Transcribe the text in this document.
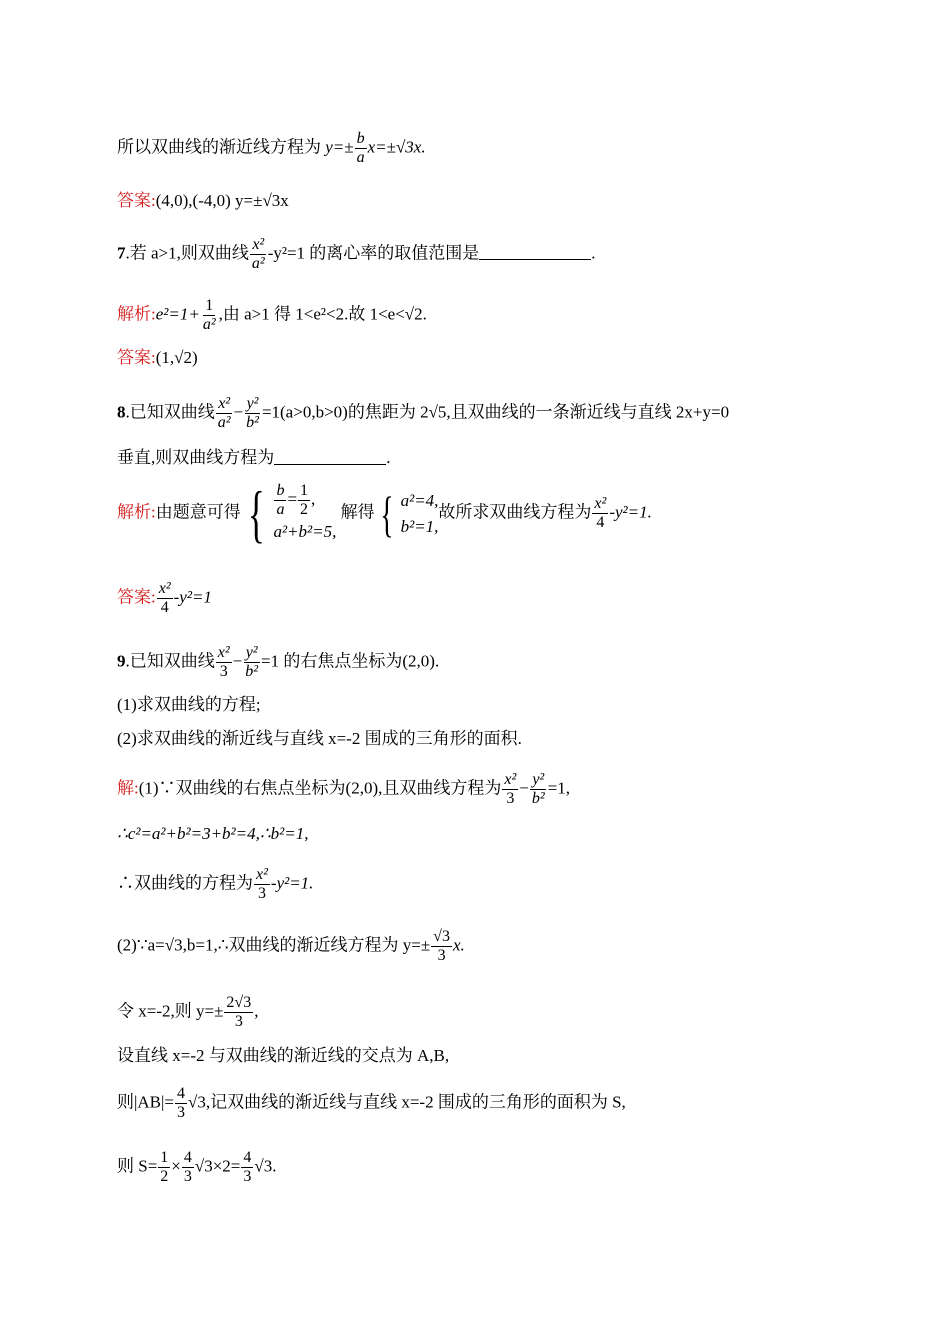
所以双曲线的渐近线方程为 $y=\pm \frac{b}{a} x=\pm√3x$.
答案:(4,0),(-4,0) y=±√3x
7.若 a>1,则双曲线 $\frac{\text{x²}}{\text{a²}} -y^2=1$ 的离心率的取值范围是	.
解析:e²=1+ $\frac{1}{\text{a²}}$ ,由 a>1 得 1<e²<2.故 1<e<√2.
答案:(1,√2)
8.已知双曲线 $\frac{\text{x²}}{\text{a²}} - \frac{\text{y²}}{\text{b²}} =1(a>0,b>0)$的焦距为 2√5,且双曲线的一条渐近线与直线 2x+y=0
垂直,则双曲线方程为	.
解析:由题意可得 { $\frac{b}{a} = \frac{1}{2}$ ,
a²+b²=5,
解得 { a²=4,
b²=1,
故所求双曲线方程为 $\frac{\text{x²}}{4} -y^2=1$.
答案: $\frac{\text{x²}}{4} -y^2=1$
9.已知双曲线 $\frac{\text{x²}}{3} - \frac{\text{y²}}{\text{b²}} =1$ 的右焦点坐标为(2,0).
(1)求双曲线的方程;
(2)求双曲线的渐近线与直线 x=-2 围成的三角形的面积.
解:(1)∵双曲线的右焦点坐标为(2,0),且双曲线方程为 $\frac{\text{x²}}{3} - \frac{\text{y²}}{\text{b²}} =1$,
∴c²=a²+b²=3+b²=4,∴b²=1,
∴双曲线的方程为 $\frac{\text{x²}}{3} -y^2=1$.
(2)∵a=√3,b=1,∴双曲线的渐近线方程为 $y=\pm \frac{√3}{3} x$.
令 x=-2,则 $y=\pm \frac{2√3}{3}$ ,
设直线 x=-2 与双曲线的渐近线的交点为 A,B,
则$|AB|= \frac{4}{3} √3$,记双曲线的渐近线与直线 x=-2 围成的三角形的面积为 S,
则 $S= \frac{1}{2} \times \frac{4}{3} √3\times 2= \frac{4}{3} √3$.
